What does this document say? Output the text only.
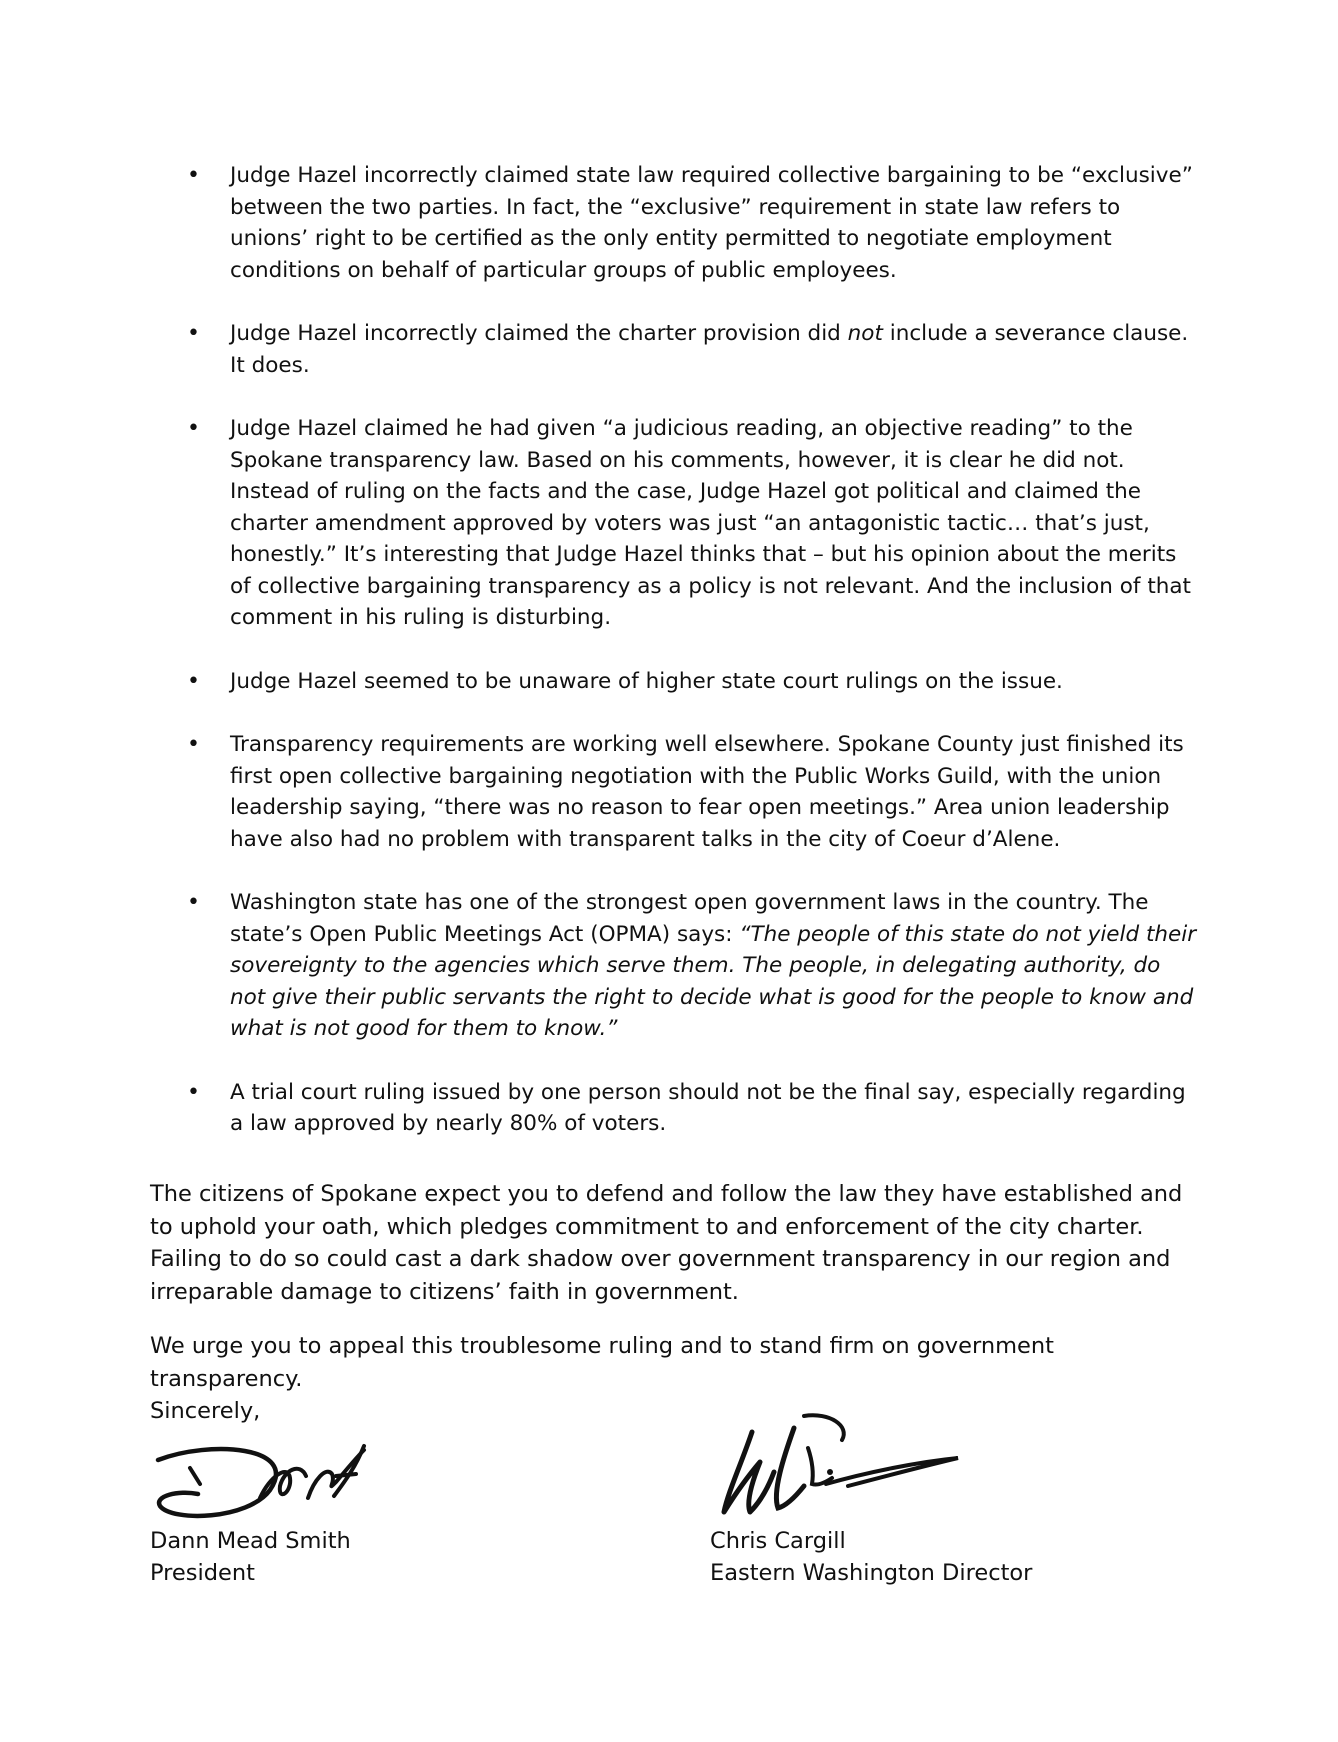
• Judge Hazel incorrectly claimed state law required collective bargaining to be “exclusive” between the two parties. In fact, the “exclusive” requirement in state law refers to unions’ right to be certified as the only entity permitted to negotiate employment conditions on behalf of particular groups of public employees.
• Judge Hazel incorrectly claimed the charter provision did not include a severance clause. It does.
• Judge Hazel claimed he had given “a judicious reading, an objective reading” to the Spokane transparency law. Based on his comments, however, it is clear he did not. Instead of ruling on the facts and the case, Judge Hazel got political and claimed the charter amendment approved by voters was just “an antagonistic tactic… that’s just, honestly.” It’s interesting that Judge Hazel thinks that – but his opinion about the merits of collective bargaining transparency as a policy is not relevant. And the inclusion of that comment in his ruling is disturbing.
• Judge Hazel seemed to be unaware of higher state court rulings on the issue.
• Transparency requirements are working well elsewhere. Spokane County just finished its first open collective bargaining negotiation with the Public Works Guild, with the union leadership saying, “there was no reason to fear open meetings.” Area union leadership have also had no problem with transparent talks in the city of Coeur d’Alene.
• Washington state has one of the strongest open government laws in the country. The state’s Open Public Meetings Act (OPMA) says: “The people of this state do not yield their sovereignty to the agencies which serve them. The people, in delegating authority, do not give their public servants the right to decide what is good for the people to know and what is not good for them to know.”
• A trial court ruling issued by one person should not be the final say, especially regarding a law approved by nearly 80% of voters.

The citizens of Spokane expect you to defend and follow the law they have established and to uphold your oath, which pledges commitment to and enforcement of the city charter. Failing to do so could cast a dark shadow over government transparency in our region and irreparable damage to citizens’ faith in government.

We urge you to appeal this troublesome ruling and to stand firm on government transparency.

Sincerely,

Dann Mead Smith
President
Chris Cargill
Eastern Washington Director
